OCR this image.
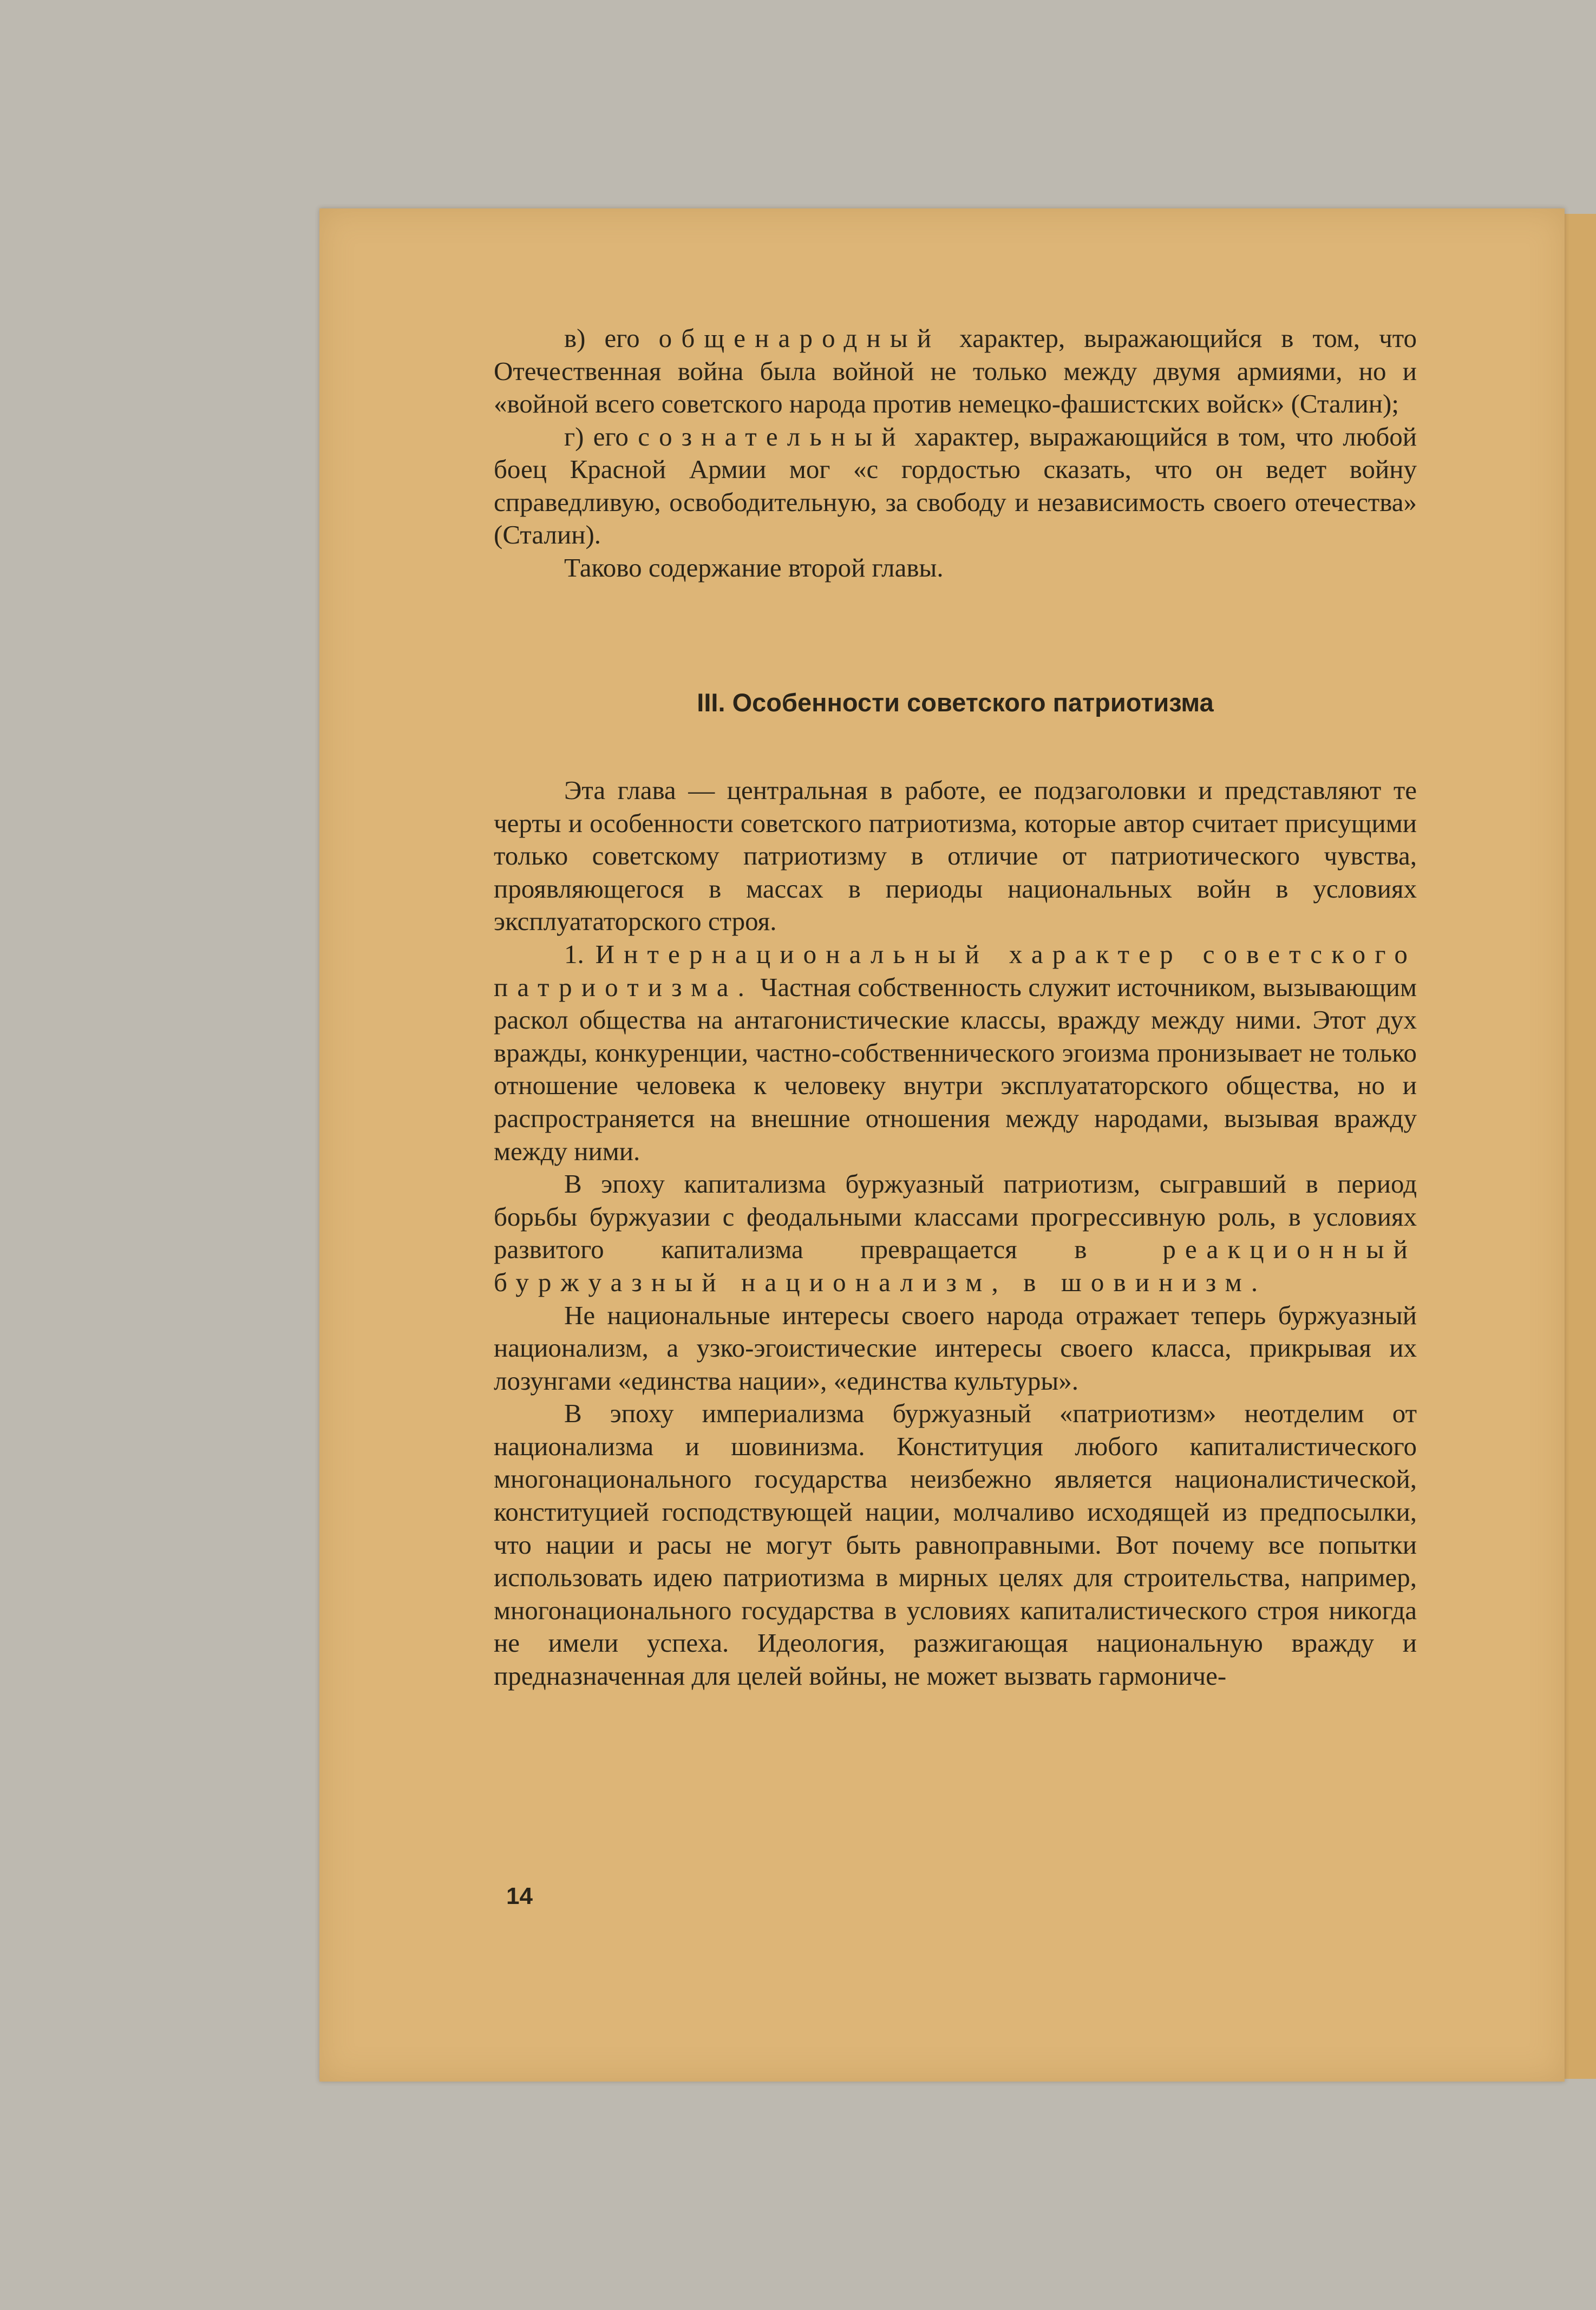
в) его общенародный характер, выражающийся в том, что Отечественная война была войной не только между двумя армиями, но и «войной всего советского народа против немецко-фашистских войск» (Сталин);

г) его сознательный характер, выражающийся в том, что любой боец Красной Армии мог «с гордостью сказать, что он ведет войну справедливую, освободительную, за свободу и независимость своего отечества» (Сталин).

Таково содержание второй главы.

III. Особенности советского патриотизма

Эта глава — центральная в работе, ее подзаголовки и представляют те черты и особенности советского патриотизма, которые автор считает присущими только советскому патриотизму в отличие от патриотического чувства, проявляющегося в массах в периоды национальных войн в условиях эксплуататорского строя.

1. Интернациональный характер советского патриотизма. Частная собственность служит источником, вызывающим раскол общества на антагонистические классы, вражду между ними. Этот дух вражды, конкуренции, частно-собственнического эгоизма пронизывает не только отношение человека к человеку внутри эксплуататорского общества, но и распространяется на внешние отношения между народами, вызывая вражду между ними.

В эпоху капитализма буржуазный патриотизм, сыгравший в период борьбы буржуазии с феодальными классами прогрессивную роль, в условиях развитого капитализма превращается в реакционный буржуазный национализм, в шовинизм.

Не национальные интересы своего народа отражает теперь буржуазный национализм, а узко-эгоистические интересы своего класса, прикрывая их лозунгами «единства нации», «единства культуры».

В эпоху империализма буржуазный «патриотизм» неотделим от национализма и шовинизма. Конституция любого капиталистического многонационального государства неизбежно является националистической, конституцией господствующей нации, молчаливо исходящей из предпосылки, что нации и расы не могут быть равноправными. Вот почему все попытки использовать идею патриотизма в мирных целях для строительства, например, многонационального государства в условиях капиталистического строя никогда не имели успеха. Идеология, разжигающая национальную вражду и предназначенная для целей войны, не может вызвать гармониче-

14
